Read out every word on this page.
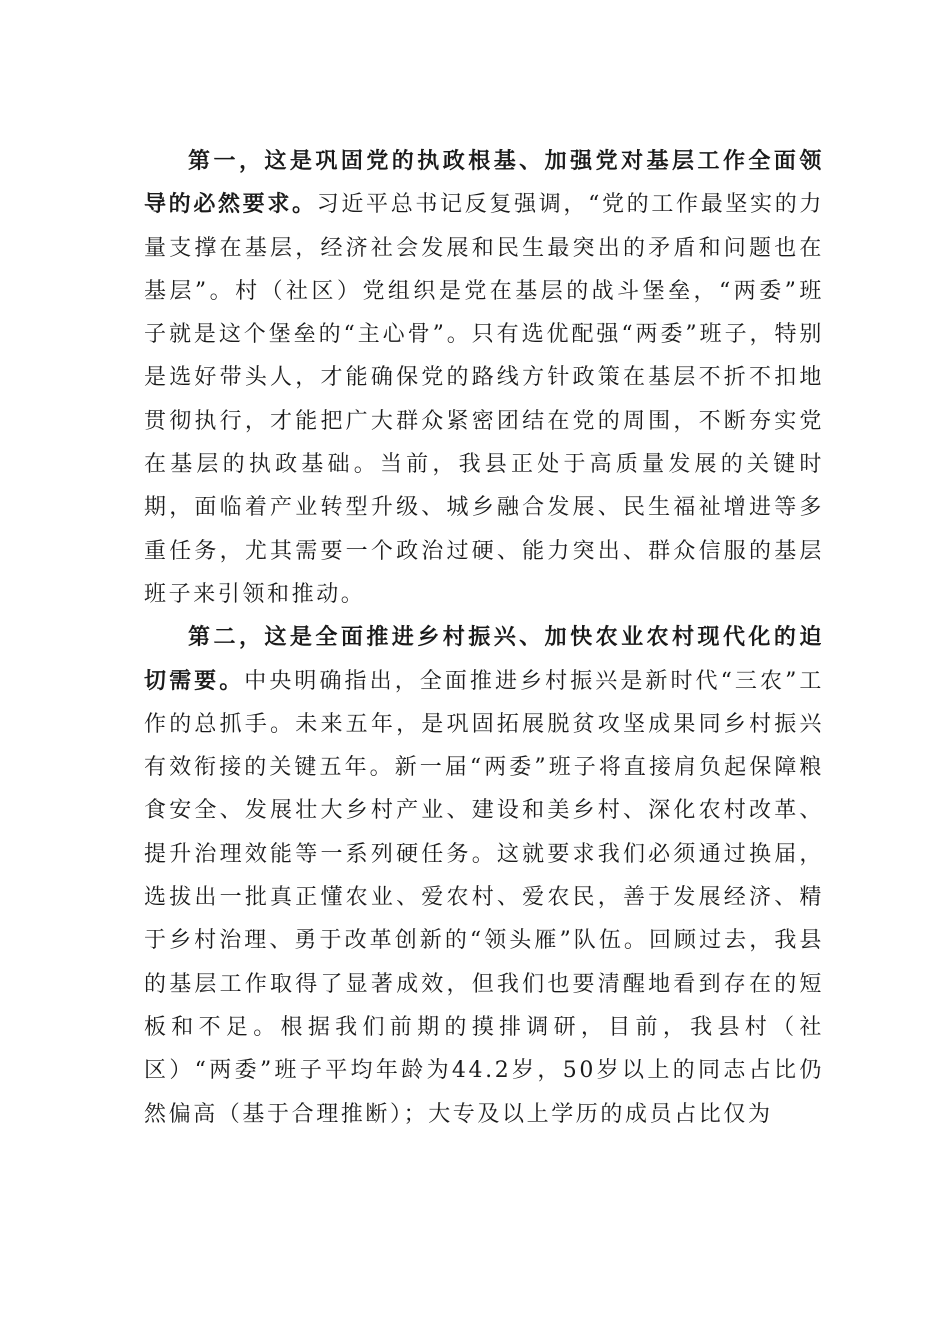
第一，这是巩固党的执政根基、加强党对基层工作全面领导的必然要求。习近平总书记反复强调，“党的工作最坚实的力量支撑在基层，经济社会发展和民生最突出的矛盾和问题也在基层”。村（社区）党组织是党在基层的战斗堡垒，“两委”班子就是这个堡垒的“主心骨”。只有选优配强“两委”班子，特别是选好带头人，才能确保党的路线方针政策在基层不折不扣地贯彻执行，才能把广大群众紧密团结在党的周围，不断夯实党在基层的执政基础。当前，我县正处于高质量发展的关键时期，面临着产业转型升级、城乡融合发展、民生福祉增进等多重任务，尤其需要一个政治过硬、能力突出、群众信服的基层班子来引领和推动。

第二，这是全面推进乡村振兴、加快农业农村现代化的迫切需要。中央明确指出，全面推进乡村振兴是新时代“三农”工作的总抓手。未来五年，是巩固拓展脱贫攻坚成果同乡村振兴有效衔接的关键五年。新一届“两委”班子将直接肩负起保障粮食安全、发展壮大乡村产业、建设和美乡村、深化农村改革、提升治理效能等一系列硬任务。这就要求我们必须通过换届，选拔出一批真正懂农业、爱农村、爱农民，善于发展经济、精于乡村治理、勇于改革创新的“领头雁”队伍。回顾过去，我县的基层工作取得了显著成效，但我们也要清醒地看到存在的短板和不足。根据我们前期的摸排调研，目前，我县村（社区）“两委”班子平均年龄为44.2岁，50岁以上的同志占比仍然偏高（基于合理推断）；大专及以上学历的成员占比仅为
